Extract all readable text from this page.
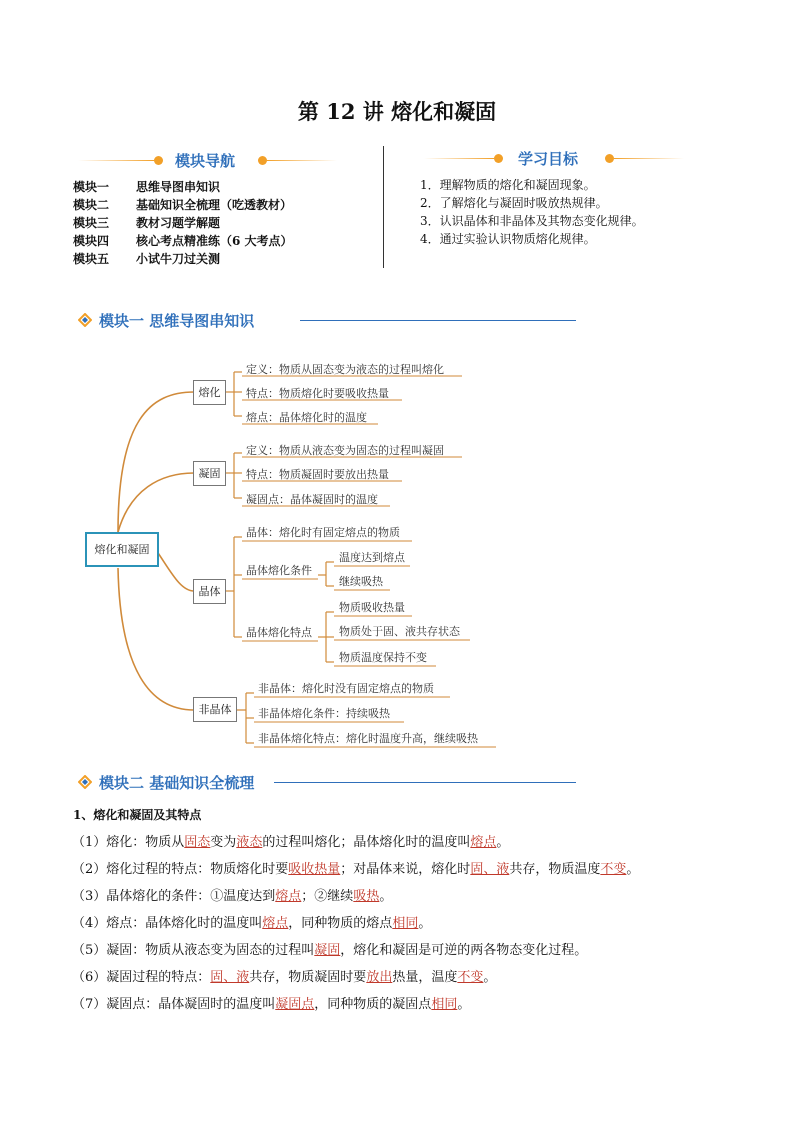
第 12 讲 熔化和凝固
模块导航
模块一 思维导图串知识
模块二 基础知识全梳理（吃透教材）
模块三 教材习题学解题
模块四 核心考点精准练（6 大考点）
模块五 小试牛刀过关测
学习目标
1．理解物质的熔化和凝固现象。
2．了解熔化与凝固时吸放热规律。
3．认识晶体和非晶体及其物态变化规律。
4．通过实验认识物质熔化规律。
模块一 思维导图串知识
熔化和凝固
熔化
凝固
晶体
非晶体
定义：物质从固态变为液态的过程叫熔化
特点：物质熔化时要吸收热量
熔点：晶体熔化时的温度
定义：物质从液态变为固态的过程叫凝固
特点：物质凝固时要放出热量
凝固点：晶体凝固时的温度
晶体：熔化时有固定熔点的物质
晶体熔化条件
晶体熔化特点
温度达到熔点
继续吸热
物质吸收热量
物质处于固、液共存状态
物质温度保持不变
非晶体：熔化时没有固定熔点的物质
非晶体熔化条件：持续吸热
非晶体熔化特点：熔化时温度升高，继续吸热
模块二 基础知识全梳理
1、熔化和凝固及其特点
（1）熔化：物质从固态变为液态的过程叫熔化；晶体熔化时的温度叫熔点。
（2）熔化过程的特点：物质熔化时要吸收热量；对晶体来说，熔化时固、液共存，物质温度不变。
（3）晶体熔化的条件：①温度达到熔点；②继续吸热。
（4）熔点：晶体熔化时的温度叫熔点，同种物质的熔点相同。
（5）凝固：物质从液态变为固态的过程叫凝固，熔化和凝固是可逆的两各物态变化过程。
（6）凝固过程的特点：固、液共存，物质凝固时要放出热量，温度不变。
（7）凝固点：晶体凝固时的温度叫凝固点，同种物质的凝固点相同。
